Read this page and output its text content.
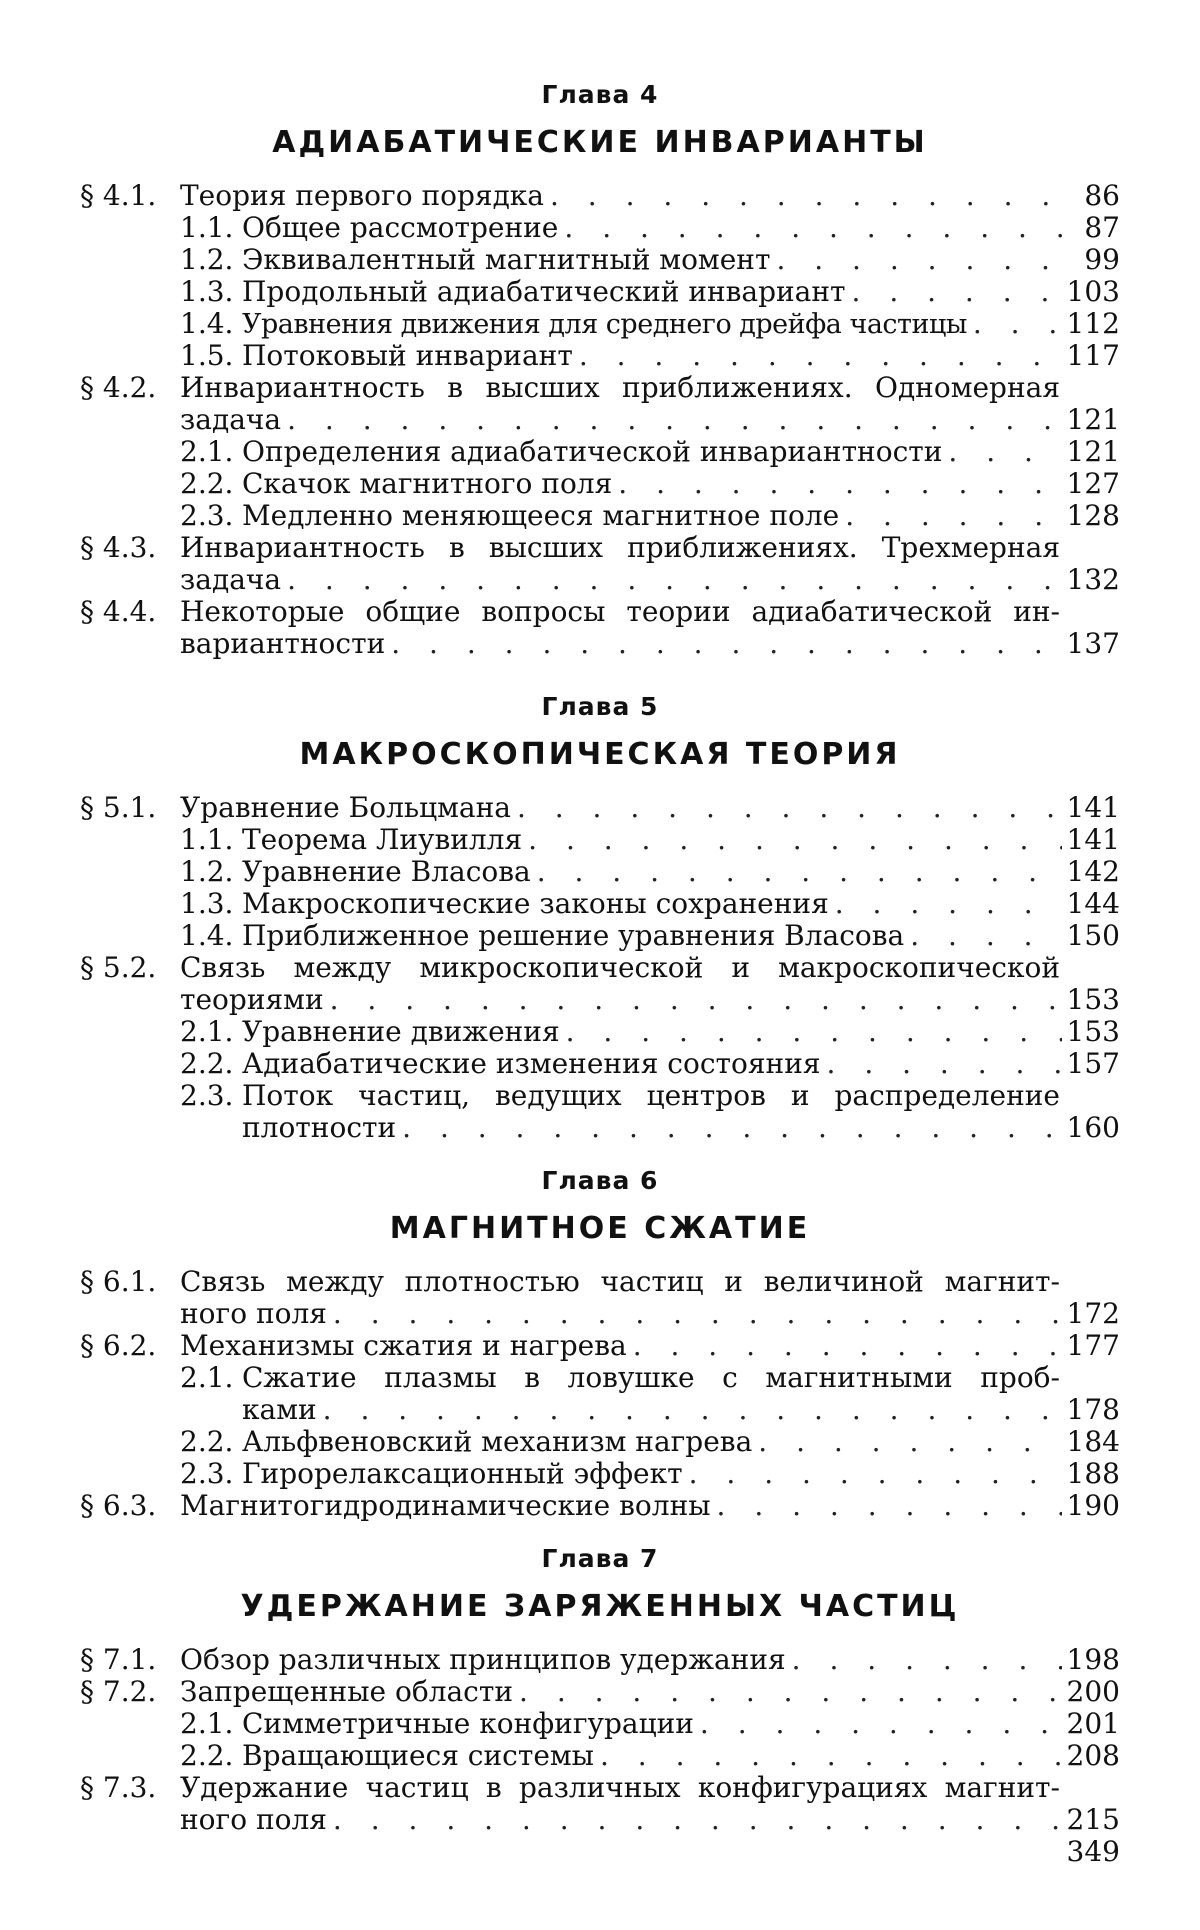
Глава 4
АДИАБАТИЧЕСКИЕ ИНВАРИАНТЫ
§ 4.1. Теория первого порядка . . .	86
1.1. Общее рассмотрение . . .	87
1.2. Эквивалентный магнитный момент . . .	99
1.3. Продольный адиабатический инвариант . . .	103
1.4. Уравнения движения для среднего дрейфа частицы . . .	112
1.5. Потоковый инвариант . . .	117
§ 4.2. Инвариантность в высших приближениях. Одномерная
задача . . .	121
2.1. Определения адиабатической инвариантности . . .	121
2.2. Скачок магнитного поля . . .	127
2.3. Медленно меняющееся магнитное поле . . .	128
§ 4.3. Инвариантность в высших приближениях. Трехмерная
задача . . .	132
§ 4.4. Некоторые общие вопросы теории адиабатической ин-
вариантности . . .	137
Глава 5
МАКРОСКОПИЧЕСКАЯ ТЕОРИЯ
§ 5.1. Уравнение Больцмана . . .	141
1.1. Теорема Лиувилля . . .	141
1.2. Уравнение Власова . . .	142
1.3. Макроскопические законы сохранения . . .	144
1.4. Приближенное решение уравнения Власова . . .	150
§ 5.2. Связь между микроскопической и макроскопической
теориями . . .	153
2.1. Уравнение движения . . .	153
2.2. Адиабатические изменения состояния . . .	157
2.3. Поток частиц, ведущих центров и распределение
плотности . . .	160
Глава 6
МАГНИТНОЕ СЖАТИЕ
§ 6.1. Связь между плотностью частиц и величиной магнит-
ного поля . . .	172
§ 6.2. Механизмы сжатия и нагрева . . .	177
2.1. Сжатие плазмы в ловушке с магнитными проб-
ками . . .	178
2.2. Альфвеновский механизм нагрева . . .	184
2.3. Гирорелаксационный эффект . . .	188
§ 6.3. Магнитогидродинамические волны . . .	190
Глава 7
УДЕРЖАНИЕ ЗАРЯЖЕННЫХ ЧАСТИЦ
§ 7.1. Обзор различных принципов удержания . . .	198
§ 7.2. Запрещенные области . . .	200
2.1. Симметричные конфигурации . . .	201
2.2. Вращающиеся системы . . .	208
§ 7.3. Удержание частиц в различных конфигурациях магнит-
ного поля . . .	215
349
